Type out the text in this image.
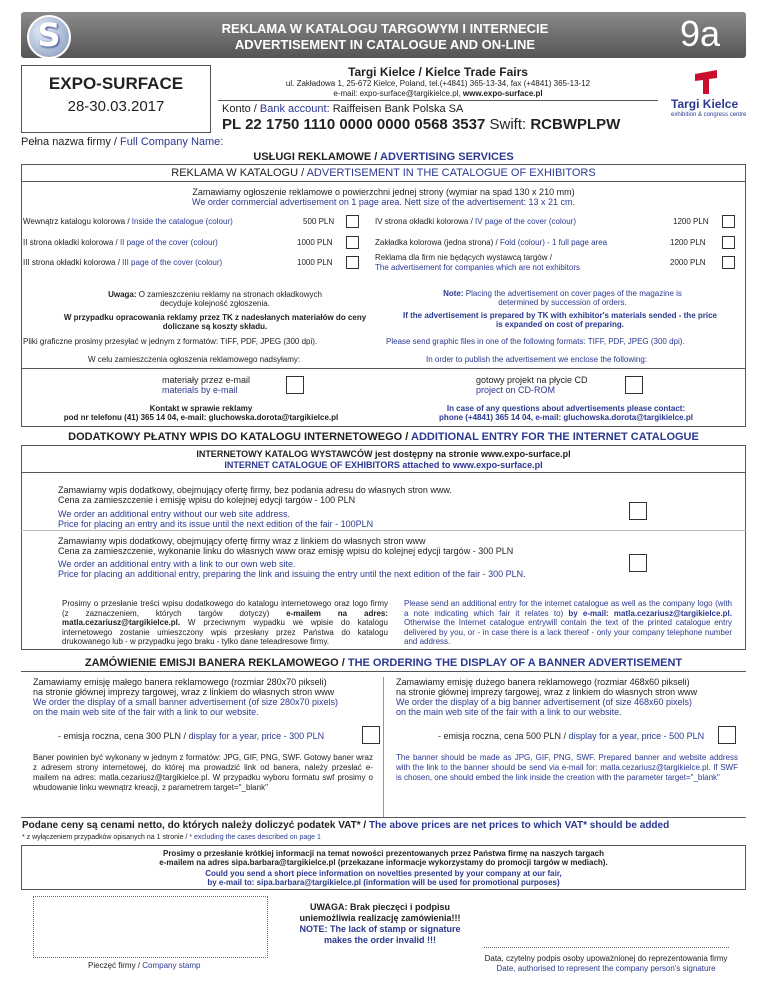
S	REKLAMA W KATALOGU TARGOWYM I INTERNECIE
ADVERTISEMENT IN CATALOGUE AND ON-LINE	9a
EXPO-SURFACE
28-30.03.2017
Targi Kielce / Kielce Trade Fairs
ul. Zakładowa 1, 25-672 Kielce, Poland, tel.(+4841) 365-13-34, fax (+4841) 365-13-12
e-mail: expo-surface@targikielce.pl, www.expo-surface.pl
Konto / Bank account: Raiffeisen Bank Polska SA
PL 22 1750 1110 0000 0000 0568 3537 Swift: RCBWPLPW
Targi Kielce
exhibition & congress centre
Pełna nazwa firmy / Full Company Name:
USŁUGI REKLAMOWE / ADVERTISING SERVICES
REKLAMA W KATALOGU / ADVERTISEMENT IN THE CATALOGUE OF EXHIBITORS
Zamawiamy ogłoszenie reklamowe o powierzchni jednej strony (wymiar na spad 130 x 210 mm)
We order commercial advertisement on 1 page area. Nett size of the advertisement: 13 x 21 cm.
Wewnątrz katalogu kolorowa / Inside the catalogue (colour)	500 PLN
II strona okładki kolorowa / II page of the cover (colour)	1000 PLN
III strona okładki kolorowa / III page of the cover (colour)	1000 PLN
IV strona okładki kolorowa / IV page of the cover (colour)	1200 PLN
Zakładka kolorowa (jedna strona) / Fold (colour) - 1 full page area	1200 PLN
Reklama dla firm nie będących wystawcą targów /
The advertisement for companies which are not exhibitors
2000 PLN
Uwaga: O zamieszczeniu reklamy na stronach okładkowych decyduje kolejność zgłoszenia.
Note: Placing the advertisement on cover pages of the magazine is determined by succession of orders.
W przypadku opracowania reklamy przez TK z nadesłanych materiałów do ceny doliczane są koszty składu.
If the advertisement is prepared by TK with exhibitor's materials sended - the price is expanded on cost of preparing.
Pliki graficzne prosimy przesyłać w jednym z formatów: TIFF, PDF, JPEG (300 dpi).	Please send graphic files in one of the following formats: TIFF, PDF, JPEG (300 dpi).
W celu zamieszczenia ogłoszenia reklamowego nadsyłamy:	In order to publish the advertisement we enclose the following:
materiały przez e-mail
materials by e-mail
gotowy projekt na płycie CD
project on CD-ROM
Kontakt w sprawie reklamy
pod nr telefonu (41) 365 14 04, e-mail: gluchowska.dorota@targikielce.pl
In case of any questions about advertisements please contact:
phone (+4841) 365 14 04, e-mail: gluchowska.dorota@targikielce.pl
DODATKOWY PŁATNY WPIS DO KATALOGU INTERNETOWEGO / ADDITIONAL ENTRY FOR THE INTERNET CATALOGUE
INTERNETOWY KATALOG WYSTAWCÓW jest dostępny na stronie www.expo-surface.pl
INTERNET CATALOGUE OF EXHIBITORS attached to www.expo-surface.pl
Zamawiamy wpis dodatkowy, obejmujący ofertę firmy, bez podania adresu do własnych stron www.
Cena za zamieszczenie i emisję wpisu do kolejnej edycji targów - 100 PLN
We order an additional entry without our web site address.
Price for placing an entry and its issue until the next edition of the fair - 100PLN
Zamawiamy wpis dodatkowy, obejmujący ofertę firmy wraz z linkiem do własnych stron www
Cena za zamieszczenie, wykonanie linku do własnych www oraz emisję wpisu do kolejnej edycji targów - 300 PLN
We order an additional entry with a link to our own web site.
Price for placing an additional entry, preparing the link and issuing the entry until the next edition of the fair - 300 PLN.
Prosimy o przesłanie treści wpisu dodatkowego do katalogu internetowego oraz logo firmy (z zaznaczeniem, których targów dotyczy) e-mailem na adres: matla.cezariusz@targikielce.pl. W przeciwnym wypadku we wpisie do katalogu internetowego zostanie umieszczony wpis przesłany przez Państwa do katalogu drukowanego lub - w przypadku jego braku - tylko dane teleadresowe firmy.
Please send an additional entry for the internet catalogue as well as the company logo (with a note indicating which fair it relates to) by e-mail: matla.cezariusz@targikielce.pl. Otherwise the Internet catalogue entrywill contain the text of the printed catalogue entry delivered by you, or - in case there is a lack thereof - only your company telephone number and address.
ZAMÓWIENIE EMISJI BANERA REKLAMOWEGO / THE ORDERING THE DISPLAY OF A BANNER ADVERTISEMENT
Zamawiamy emisję małego banera reklamowego (rozmiar 280x70 pikseli)
na stronie głównej imprezy targowej, wraz z linkiem do własnych stron www
We order the display of a small banner advertisement (of size 280x70 pixels)
on the main web site of the fair with a link to our website.
Zamawiamy emisję dużego banera reklamowego (rozmiar 468x60 pikseli)
na stronie głównej imprezy targowej, wraz z linkiem do własnych stron www
We order the display of a big banner advertisement (of size 468x60 pixels)
on the main web site of the fair with a link to our website.
- emisja roczna, cena 300 PLN / display for a year, price - 300 PLN	- emisja roczna, cena 500 PLN / display for a year, price - 500 PLN
Baner powinien być wykonany w jednym z formatów: JPG, GIF, PNG, SWF. Gotowy baner wraz z adresem strony internetowej, do której ma prowadzić link od banera, należy przesłać e-mailem na adres: matla.cezariusz@targikielce.pl. W przypadku wyboru formatu swf prosimy o wbudowanie linku wewnątrz kreacji, z parametrem target="_blank"
The banner should be made as JPG, GIF, PNG, SWF. Prepared banner and website address with the link to the banner should be send via e-mail for: matla.cezariusz@targikielce.pl. If SWF is chosen, one should embed the link inside the creation with the parameter target="_blank"
Podane ceny są cenami netto, do których należy doliczyć podatek VAT* / The above prices are net prices to which VAT* should be added
* z wyłączeniem przypadków opisanych na 1 stronie / * excluding the cases described on page 1
Prosimy o przesłanie krótkiej informacji na temat nowości prezentowanych przez Państwa firmę na naszych targach
e-mailem na adres sipa.barbara@targikielce.pl (przekazane informacje wykorzystamy do promocji targów w mediach).
Could you send a short piece information on novelties presented by your company at our fair,
by e-mail to: sipa.barbara@targikielce.pl (information will be used for promotional purposes)
Pieczęć firmy / Company stamp
UWAGA: Brak pieczęci i podpisu
uniemożliwia realizację zamówienia!!!
NOTE: The lack of stamp or signature
makes the order invalid !!!
Data, czytelny podpis osoby upoważnionej do reprezentowania firmy
Date, authorised to represent the company person’s signature
